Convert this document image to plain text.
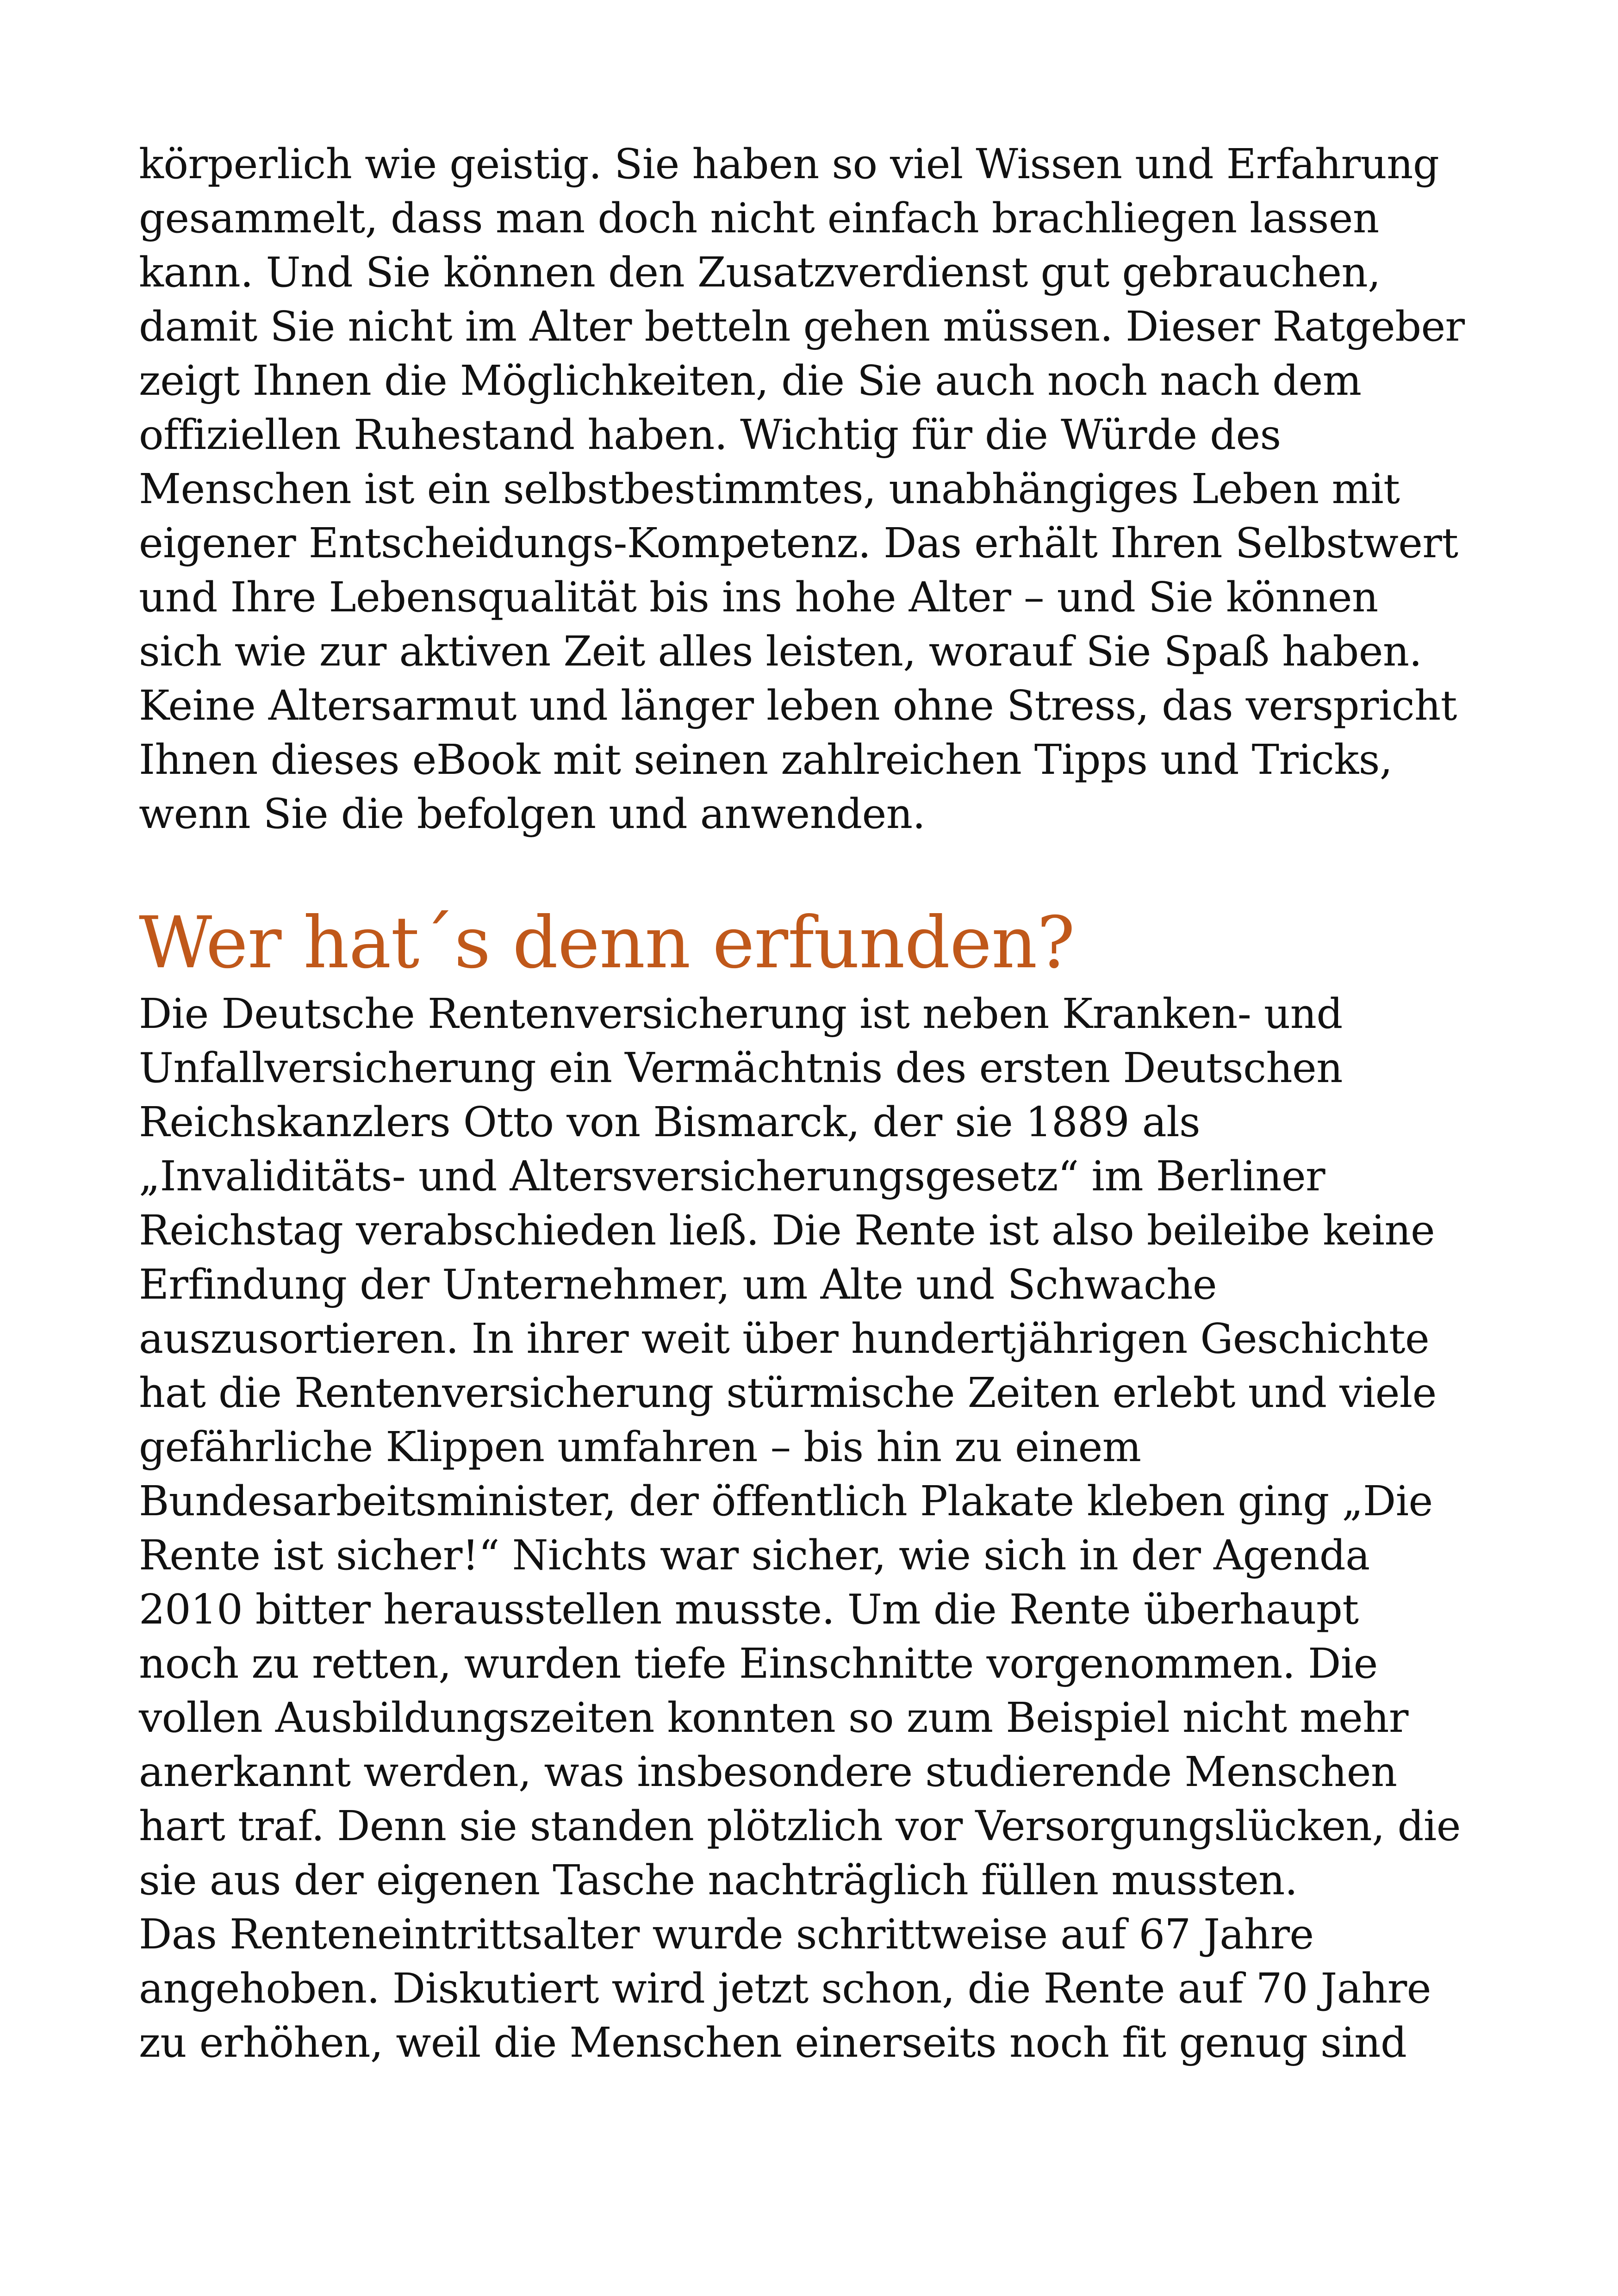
körperlich wie geistig. Sie haben so viel Wissen und Erfahrung
gesammelt, dass man doch nicht einfach brachliegen lassen
kann. Und Sie können den Zusatzverdienst gut gebrauchen,
damit Sie nicht im Alter betteln gehen müssen. Dieser Ratgeber
zeigt Ihnen die Möglichkeiten, die Sie auch noch nach dem
offiziellen Ruhestand haben. Wichtig für die Würde des
Menschen ist ein selbstbestimmtes, unabhängiges Leben mit
eigener Entscheidungs-Kompetenz. Das erhält Ihren Selbstwert
und Ihre Lebensqualität bis ins hohe Alter – und Sie können
sich wie zur aktiven Zeit alles leisten, worauf Sie Spaß haben.
Keine Altersarmut und länger leben ohne Stress, das verspricht
Ihnen dieses eBook mit seinen zahlreichen Tipps und Tricks,
wenn Sie die befolgen und anwenden.

Wer hat´s denn erfunden?

Die Deutsche Rentenversicherung ist neben Kranken- und
Unfallversicherung ein Vermächtnis des ersten Deutschen
Reichskanzlers Otto von Bismarck, der sie 1889 als
„Invaliditäts- und Altersversicherungsgesetz“ im Berliner
Reichstag verabschieden ließ. Die Rente ist also beileibe keine
Erfindung der Unternehmer, um Alte und Schwache
auszusortieren. In ihrer weit über hundertjährigen Geschichte
hat die Rentenversicherung stürmische Zeiten erlebt und viele
gefährliche Klippen umfahren – bis hin zu einem
Bundesarbeitsminister, der öffentlich Plakate kleben ging „Die
Rente ist sicher!“ Nichts war sicher, wie sich in der Agenda
2010 bitter herausstellen musste. Um die Rente überhaupt
noch zu retten, wurden tiefe Einschnitte vorgenommen. Die
vollen Ausbildungszeiten konnten so zum Beispiel nicht mehr
anerkannt werden, was insbesondere studierende Menschen
hart traf. Denn sie standen plötzlich vor Versorgungslücken, die
sie aus der eigenen Tasche nachträglich füllen mussten.
Das Renteneintrittsalter wurde schrittweise auf 67 Jahre
angehoben. Diskutiert wird jetzt schon, die Rente auf 70 Jahre
zu erhöhen, weil die Menschen einerseits noch fit genug sind
